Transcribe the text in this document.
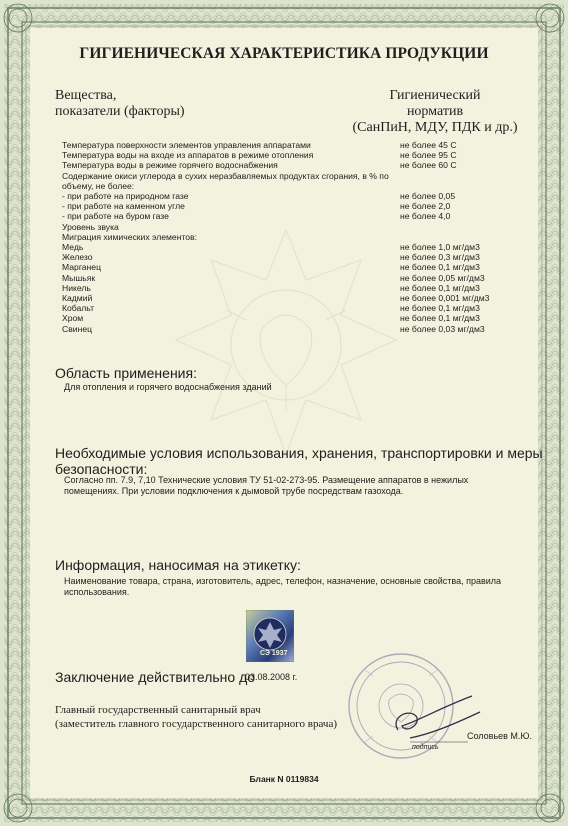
ГИГИЕНИЧЕСКАЯ ХАРАКТЕРИСТИКА ПРОДУКЦИИ
Вещества,
показатели (факторы)
Гигиенический
норматив
(СанПиН, МДУ, ПДК и др.)
Температура поверхности элементов управления аппаратами	не более 45 С
Температура воды на входе из аппаратов в режиме отопления	не более 95 С
Температура воды в режиме горячего водоснабжения	не более 60 С
Содержание окиси углерода в сухих неразбавляемых продуктах сгорания, в % по
объему, не более:
- при работе на природном газе	не более 0,05
- при работе на каменном угле	не более 2,0
- при работе на буром газе	не более 4,0
Уровень звука
Миграция химических элементов:
Медь	не более 1,0 мг/дм3
Железо	не более 0,3 мг/дм3
Марганец	не более 0,1 мг/дм3
Мышьяк	не более 0,05 мг/дм3
Никель	не более 0,1 мг/дм3
Кадмий	не более 0,001 мг/дм3
Кобальт	не более 0,1 мг/дм3
Хром	не более 0,1 мг/дм3
Свинец	не более 0,03 мг/дм3
Область применения:
Для отопления и горячего водоснабжения зданий
Необходимые условия использования, хранения, транспортировки и меры
безопасности:
Согласно пп. 7.9, 7,10 Технические условия ТУ 51-02-273-95. Размещение аппаратов в нежилых помещениях. При условии подключения к дымовой трубе посредствам газохода.
Информация, наносимая на этикетку:
Наименование товара, страна, изготовитель, адрес, телефон, назначение, основные свойства, правила использования.
СЭ 1937
Заключение действительно до
03.08.2008 г.
Главный государственный санитарный врач
(заместитель главного государственного санитарного врача)
подпись
Соловьев М.Ю.
Бланк N 0119834
